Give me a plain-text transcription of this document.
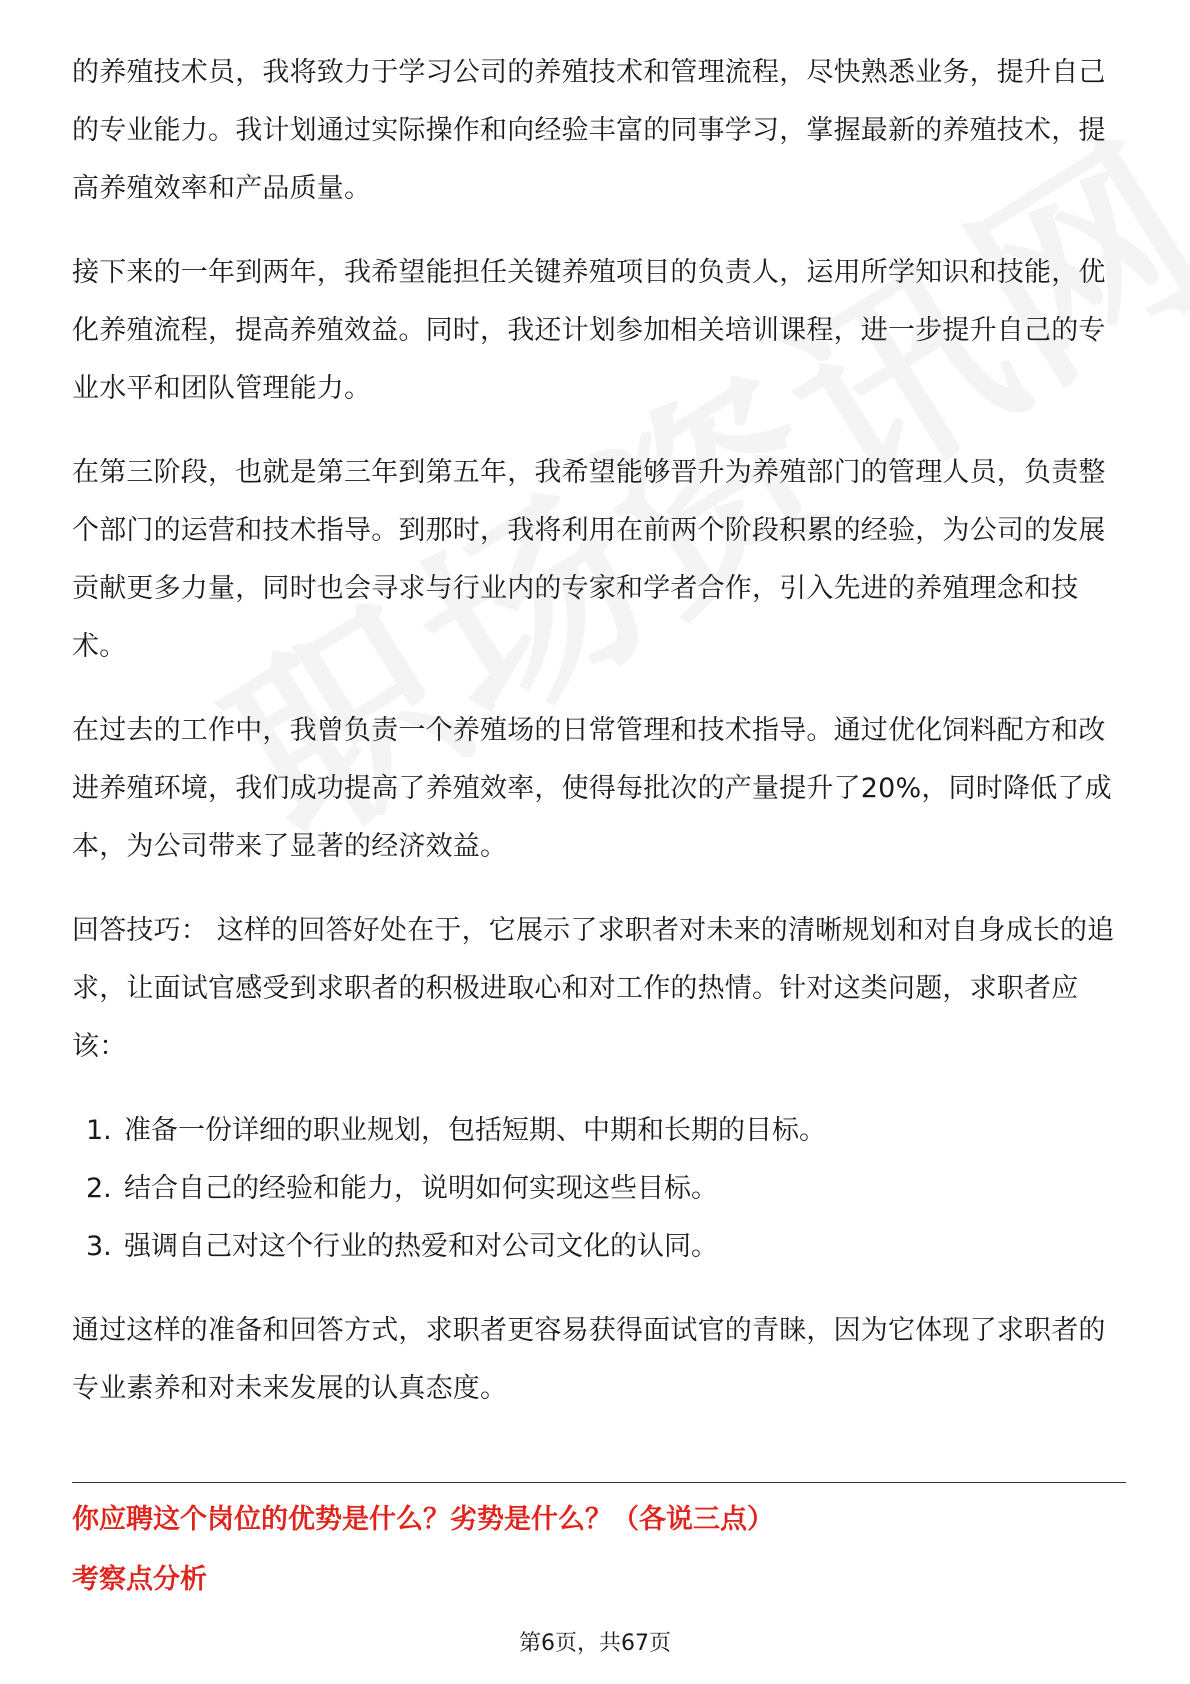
的养殖技术员，我将致力于学习公司的养殖技术和管理流程，尽快熟悉业务，提升自己的专业能力。我计划通过实际操作和向经验丰富的同事学习，掌握最新的养殖技术，提高养殖效率和产品质量。

接下来的一年到两年，我希望能担任关键养殖项目的负责人，运用所学知识和技能，优化养殖流程，提高养殖效益。同时，我还计划参加相关培训课程，进一步提升自己的专业水平和团队管理能力。

在第三阶段，也就是第三年到第五年，我希望能够晋升为养殖部门的管理人员，负责整个部门的运营和技术指导。到那时，我将利用在前两个阶段积累的经验，为公司的发展贡献更多力量，同时也会寻求与行业内的专家和学者合作，引入先进的养殖理念和技术。

在过去的工作中，我曾负责一个养殖场的日常管理和技术指导。通过优化饲料配方和改进养殖环境，我们成功提高了养殖效率，使得每批次的产量提升了20%，同时降低了成本，为公司带来了显著的经济效益。

回答技巧： 这样的回答好处在于，它展示了求职者对未来的清晰规划和对自身成长的追求，让面试官感受到求职者的积极进取心和对工作的热情。针对这类问题，求职者应该：

1. 准备一份详细的职业规划，包括短期、中期和长期的目标。
2. 结合自己的经验和能力，说明如何实现这些目标。
3. 强调自己对这个行业的热爱和对公司文化的认同。

通过这样的准备和回答方式，求职者更容易获得面试官的青睐，因为它体现了求职者的专业素养和对未来发展的认真态度。

你应聘这个岗位的优势是什么？劣势是什么？（各说三点）
考察点分析
第6页，共67页
